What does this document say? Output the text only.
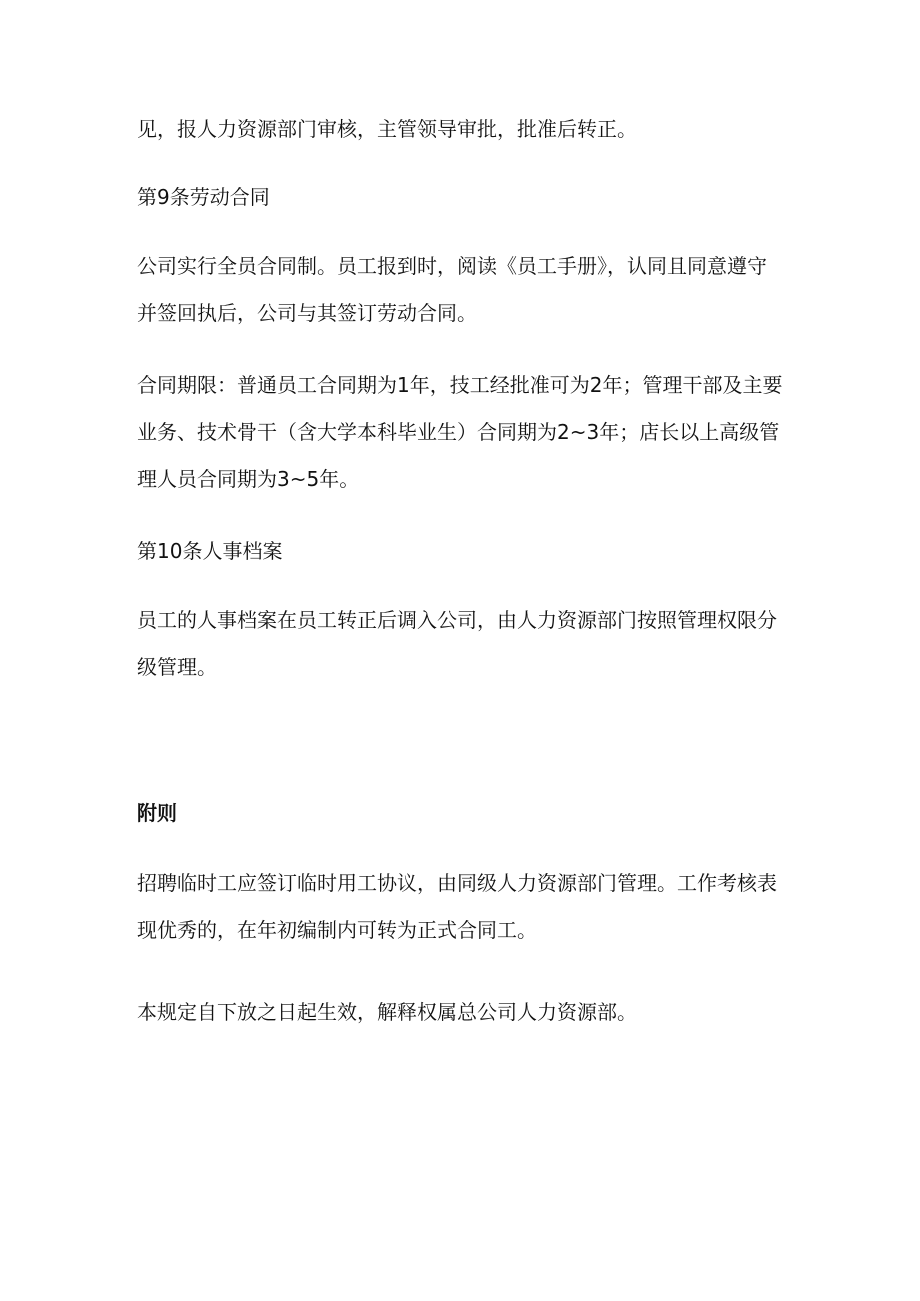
见，报人力资源部门审核，主管领导审批，批准后转正。
第9条劳动合同
公司实行全员合同制。员工报到时，阅读《员工手册》，认同且同意遵守
并签回执后，公司与其签订劳动合同。
合同期限：普通员工合同期为1年，技工经批准可为2年；管理干部及主要
业务、技术骨干（含大学本科毕业生）合同期为2~3年；店长以上高级管
理人员合同期为3~5年。
第10条人事档案
员工的人事档案在员工转正后调入公司，由人力资源部门按照管理权限分
级管理。
附则
招聘临时工应签订临时用工协议，由同级人力资源部门管理。工作考核表
现优秀的，在年初编制内可转为正式合同工。
本规定自下放之日起生效，解释权属总公司人力资源部。
